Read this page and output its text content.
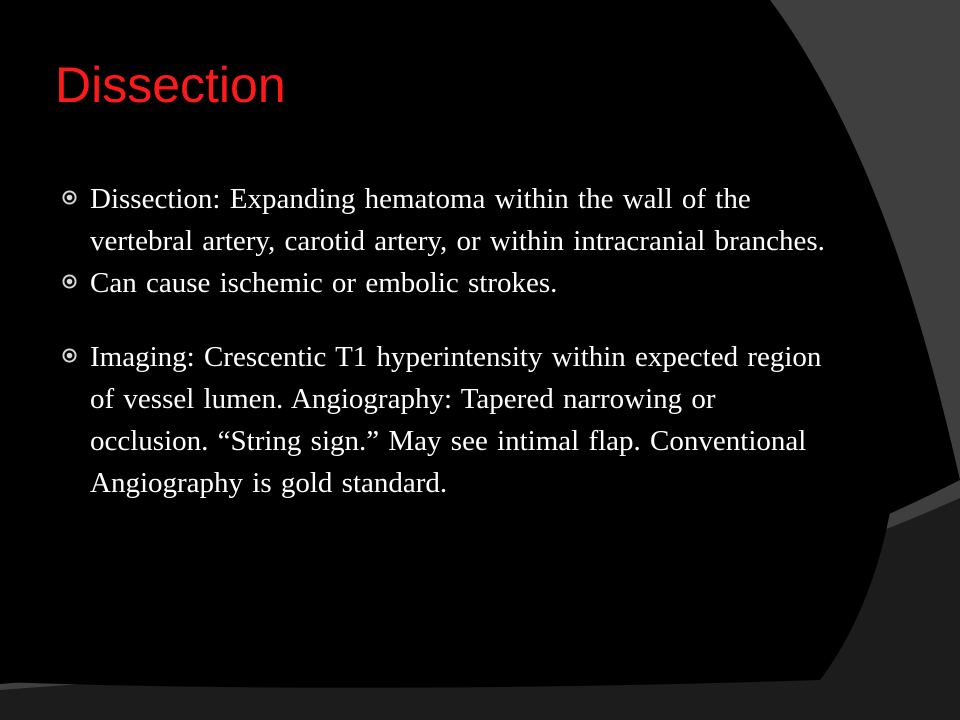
Dissection
Dissection: Expanding hematoma within the wall of the vertebral artery, carotid artery, or within intracranial branches.
Can cause ischemic or embolic strokes.
Imaging: Crescentic T1 hyperintensity within expected region of vessel lumen. Angiography: Tapered narrowing or occlusion. “String sign.” May see intimal flap. Conventional Angiography is gold standard.
